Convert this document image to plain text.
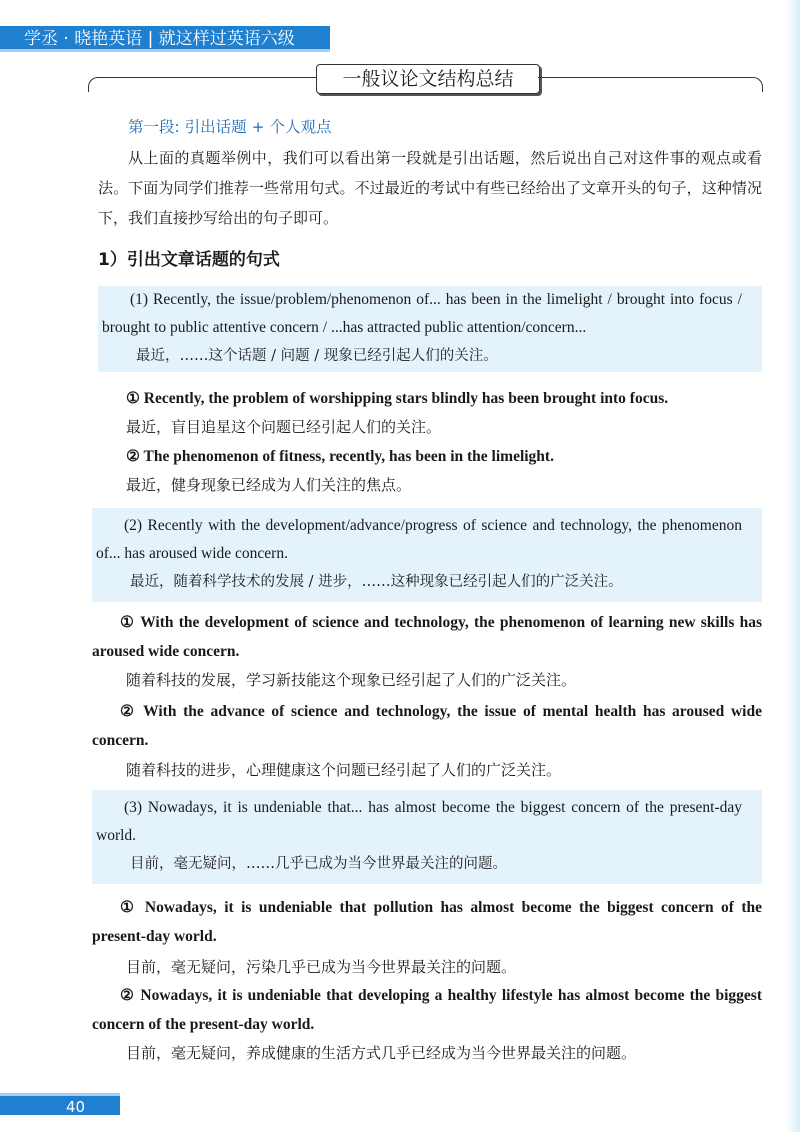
学丞 · 晓艳英语 | 就这样过英语六级
一般议论文结构总结
第一段: 引出话题 + 个人观点

从上面的真题举例中，我们可以看出第一段就是引出话题，然后说出自己对这件事的观点或看法。下面为同学们推荐一些常用句式。不过最近的考试中有些已经给出了文章开头的句子，这种情况下，我们直接抄写给出的句子即可。

1）引出文章话题的句式

(1) Recently, the issue/problem/phenomenon of... has been in the limelight / brought into focus / brought to public attentive concern / ...has attracted public attention/concern...

最近，……这个话题 / 问题 / 现象已经引起人们的关注。

① Recently, the problem of worshipping stars blindly has been brought into focus.

最近，盲目追星这个问题已经引起人们的关注。

② The phenomenon of fitness, recently, has been in the limelight.

最近，健身现象已经成为人们关注的焦点。

(2) Recently with the development/advance/progress of science and technology, the phenomenon of... has aroused wide concern.

最近，随着科学技术的发展 / 进步，……这种现象已经引起人们的广泛关注。

① With the development of science and technology, the phenomenon of learning new skills has aroused wide concern.

随着科技的发展，学习新技能这个现象已经引起了人们的广泛关注。

② With the advance of science and technology, the issue of mental health has aroused wide concern.

随着科技的进步，心理健康这个问题已经引起了人们的广泛关注。

(3) Nowadays, it is undeniable that... has almost become the biggest concern of the present-day world.

目前，毫无疑问，……几乎已成为当今世界最关注的问题。

① Nowadays, it is undeniable that pollution has almost become the biggest concern of the present-day world.

目前，毫无疑问，污染几乎已成为当今世界最关注的问题。

② Nowadays, it is undeniable that developing a healthy lifestyle has almost become the biggest concern of the present-day world.

目前，毫无疑问，养成健康的生活方式几乎已经成为当今世界最关注的问题。

40
